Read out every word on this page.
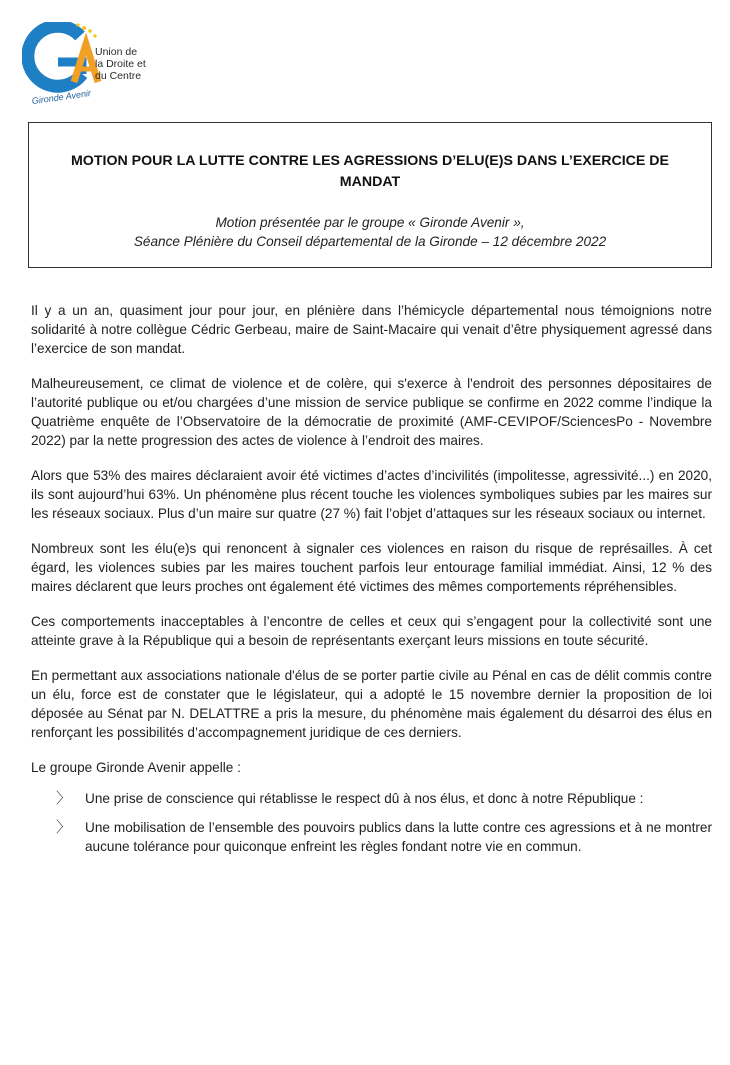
Gironde Avenir
Union de
la Droite et
du Centre
MOTION POUR LA LUTTE CONTRE LES AGRESSIONS D’ELU(E)S DANS L’EXERCICE DE MANDAT
Motion présentée par le groupe « Gironde Avenir »,
Séance Plénière du Conseil départemental de la Gironde – 12 décembre 2022

Il y a un an, quasiment jour pour jour, en plénière dans l’hémicycle départemental nous témoignions notre solidarité à notre collègue Cédric Gerbeau, maire de Saint-Macaire qui venait d’être physiquement agressé dans l’exercice de son mandat.

Malheureusement, ce climat de violence et de colère, qui s'exerce à l'endroit des personnes dépositaires de l’autorité publique ou et/ou chargées d’une mission de service publique se confirme en 2022 comme l’indique la Quatrième enquête de l’Observatoire de la démocratie de proximité (AMF-CEVIPOF/SciencesPo - Novembre 2022) par la nette progression des actes de violence à l’endroit des maires.

Alors que 53% des maires déclaraient avoir été victimes d’actes d’incivilités (impolitesse, agressivité...) en 2020, ils sont aujourd’hui 63%. Un phénomène plus récent touche les violences symboliques subies par les maires sur les réseaux sociaux. Plus d’un maire sur quatre (27 %) fait l’objet d’attaques sur les réseaux sociaux ou internet.

Nombreux sont les élu(e)s qui renoncent à signaler ces violences en raison du risque de représailles. À cet égard, les violences subies par les maires touchent parfois leur entourage familial immédiat. Ainsi, 12 % des maires déclarent que leurs proches ont également été victimes des mêmes comportements répréhensibles.

Ces comportements inacceptables à l’encontre de celles et ceux qui s’engagent pour la collectivité sont une atteinte grave à la République qui a besoin de représentants exerçant leurs missions en toute sécurité.

En permettant aux associations nationale d'élus de se porter partie civile au Pénal en cas de délit commis contre un élu, force est de constater que le législateur, qui a adopté le 15 novembre dernier la proposition de loi déposée au Sénat par N. DELATTRE a pris la mesure, du phénomène mais également du désarroi des élus en renforçant les possibilités d’accompagnement juridique de ces derniers.

Le groupe Gironde Avenir appelle :

〉 Une prise de conscience qui rétablisse le respect dû à nos élus, et donc à notre République :
〉 Une mobilisation de l’ensemble des pouvoirs publics dans la lutte contre ces agressions et à ne montrer aucune tolérance pour quiconque enfreint les règles fondant notre vie en commun.
